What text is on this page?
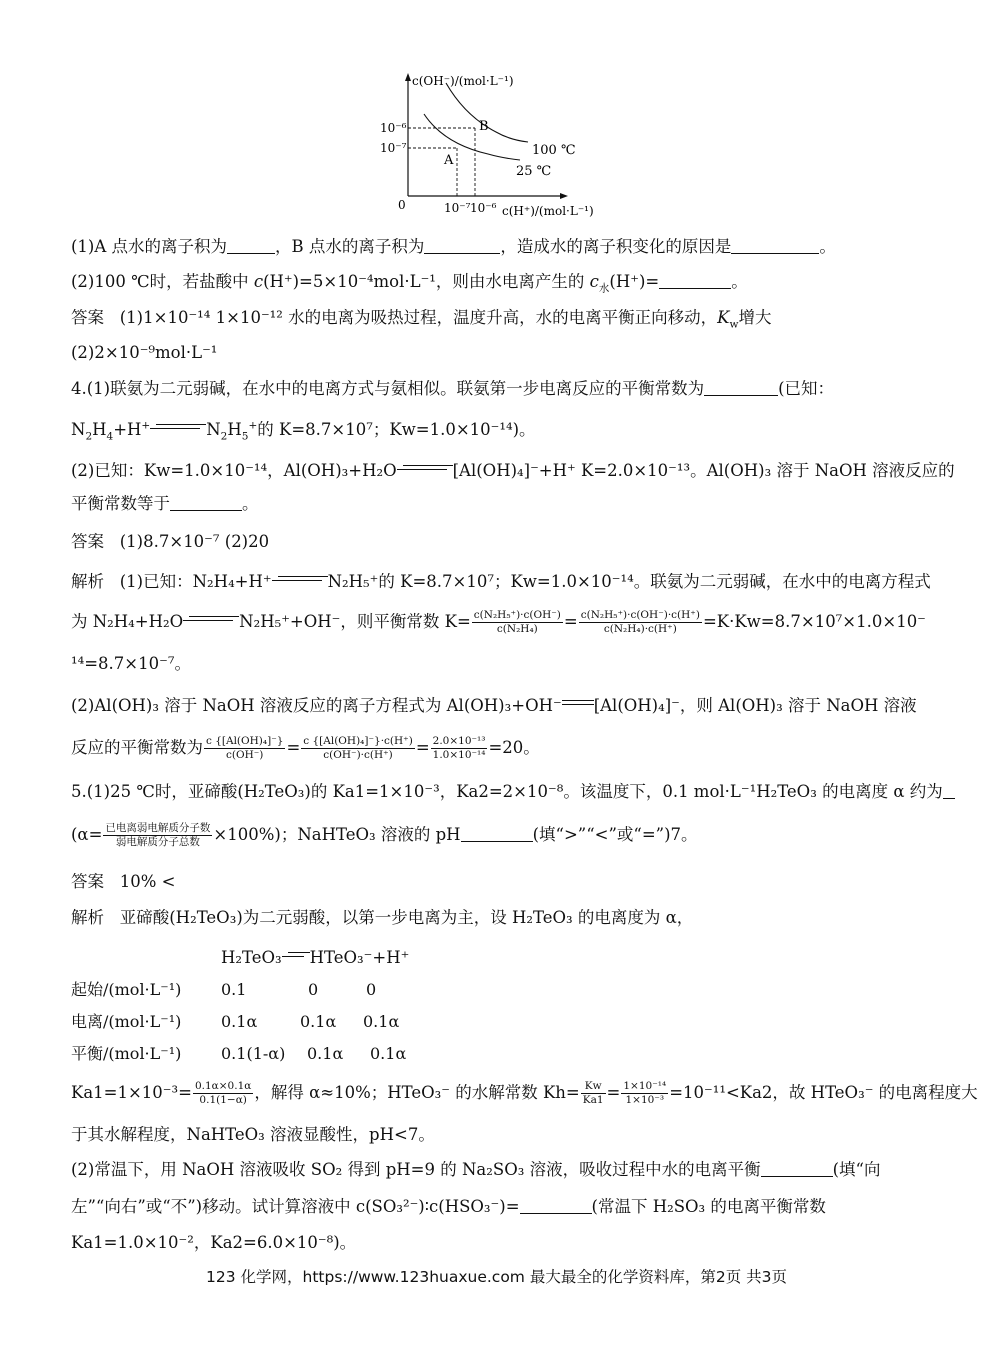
c(OH⁻)/(mol·L⁻¹)
c(H⁺)/(mol·L⁻¹)
0
10⁻⁶
10⁻⁷
10⁻⁷ 10⁻⁶
A
B
100 ℃
25 ℃
(1)A 点水的离子积为	，B 点水的离子积为	，造成水的离子积变化的原因是	。
(2)100 ℃时，若盐酸中 c(H⁺)=5×10⁻⁴mol·L⁻¹，则由水电离产生的 $c_水(H^+)=$	。
答案 (1)1×10⁻¹⁴ 1×10⁻¹² 水的电离为吸热过程，温度升高，水的电离平衡正向移动，$K_w$增大
(2)2×10⁻⁹mol·L⁻¹
4.(1)联氨为二元弱碱，在水中的电离方式与氨相似。联氨第一步电离反应的平衡常数为	(已知：
$N_2H_4+H^+$	$N_2H_5^+$的 K=8.7×10⁷；Kw=1.0×10⁻¹⁴)。
(2)已知：Kw=1.0×10⁻¹⁴，Al(OH)₃+H₂O	[Al(OH)₄]⁻+H⁺ K=2.0×10⁻¹³。Al(OH)₃ 溶于 NaOH 溶液反应的
平衡常数等于	。
答案 (1)8.7×10⁻⁷ (2)20
解析 (1)已知：N₂H₄+H⁺	N₂H₅⁺的 K=8.7×10⁷；Kw=1.0×10⁻¹⁴。联氨为二元弱碱，在水中的电离方程式
为 N₂H₄+H₂O	N₂H₅⁺+OH⁻，则平衡常数 $K= \frac{\text{c(N₂H₅⁺)·c(OH⁻)}}{\text{c(N₂H₄)}} = \frac{\text{c(N₂H₅⁺)·c(OH⁻)·c(H⁺)}}{\text{c(N₂H₄)·c(H⁺)}} =K\cdot Kw=8.7\times 10^7\times 1.0\times 10^-$
¹⁴=8.7×10⁻⁷。
(2)Al(OH)₃ 溶于 NaOH 溶液反应的离子方程式为 Al(OH)₃+OH⁻ [Al(OH)₄]⁻，则 Al(OH)₃ 溶于 NaOH 溶液
反应的平衡常数为 $\frac{\text{c \{[Al(OH)₄]⁻\}}}{c(OH^-)} = \frac{\text{c \{[Al(OH)₄]⁻\}·c(H⁺)}}{c(OH^-)\cdot c(H^+)} = \frac{\text{2.0×10⁻¹³}}{\text{1.0×10⁻¹⁴}} =20$。
5.(1)25 ℃时，亚碲酸(H₂TeO₃)的 Ka1=1×10⁻³，Ka2=2×10⁻⁸。该温度下，0.1 mol·L⁻¹H₂TeO₃ 的电离度 α 约为
$(\alpha= \frac{\text{已电离弱电解质分子数}}{\text{弱电解质分子总数}} \times 100\%)$；NaHTeO₃ 溶液的 pH	(填“>”“<”或“=”)7。
答案 10% <
解析 亚碲酸(H₂TeO₃)为二元弱酸，以第一步电离为主，设 H₂TeO₃ 的电离度为 α，
H₂TeO₃ HTeO₃⁻+H⁺
起始/(mol·L⁻¹) 0.1	0	0
电离/(mol·L⁻¹) 0.1α	0.1α 0.1α
平衡/(mol·L⁻¹) 0.1(1-α) 0.1α 0.1α
$Ka1=1\times 10^{-3}= \frac{0.1\alpha\times 0.1\alpha}{0.1(1-\alpha)}$ ，解得 α≈10%；HTeO₃⁻ 的水解常数 $Kh= \frac{Kw}{Ka1} = \frac{\text{1×10⁻¹⁴}}{\text{1×10⁻³}} =10^{-11}<Ka2$，故 HTeO₃⁻ 的电离程度大
于其水解程度，NaHTeO₃ 溶液显酸性，pH<7。
(2)常温下，用 NaOH 溶液吸收 SO₂ 得到 pH=9 的 Na₂SO₃ 溶液，吸收过程中水的电离平衡	(填“向
左”“向右”或“不”)移动。试计算溶液中 c(SO₃²⁻)∶c(HSO₃⁻)=	(常温下 H₂SO₃ 的电离平衡常数
Ka1=1.0×10⁻²，Ka2=6.0×10⁻⁸)。
123 化学网，https://www.123huaxue.com 最大最全的化学资料库，第2页 共3页
